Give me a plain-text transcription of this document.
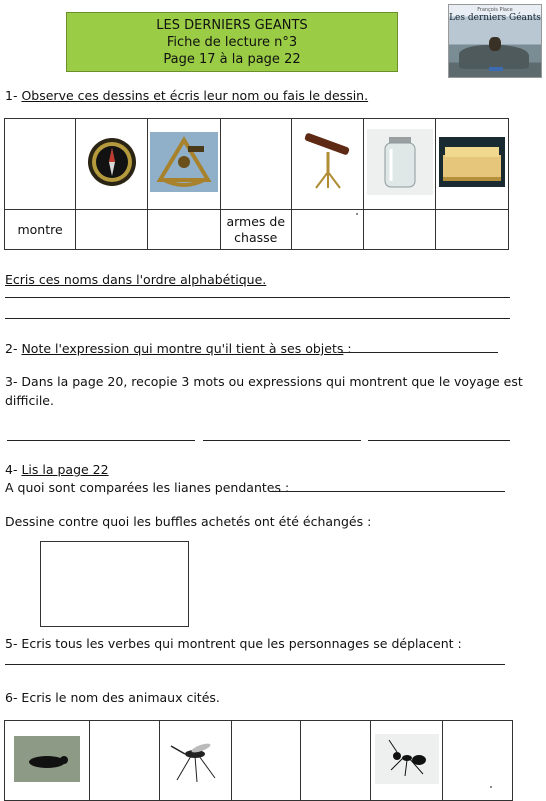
LES DERNIERS GEANTS
Fiche de lecture n°3
Page 17 à la page 22
François Place
Les derniers Géants
1- Observe ces dessins et écris leur nom ou fais le dessin.

montre			armes de chasse			
Ecris ces noms dans l'ordre alphabétique.
2- Note l'expression qui montre qu'il tient à ses objets :
3- Dans la page 20, recopie 3 mots ou expressions qui montrent que le voyage est
difficile.
4- Lis la page 22
A quoi sont comparées les lianes pendantes :
Dessine contre quoi les buffles achetés ont été échangés :
5- Ecris tous les verbes qui montrent que les personnages se déplacent :
6- Ecris le nom des animaux cités.
